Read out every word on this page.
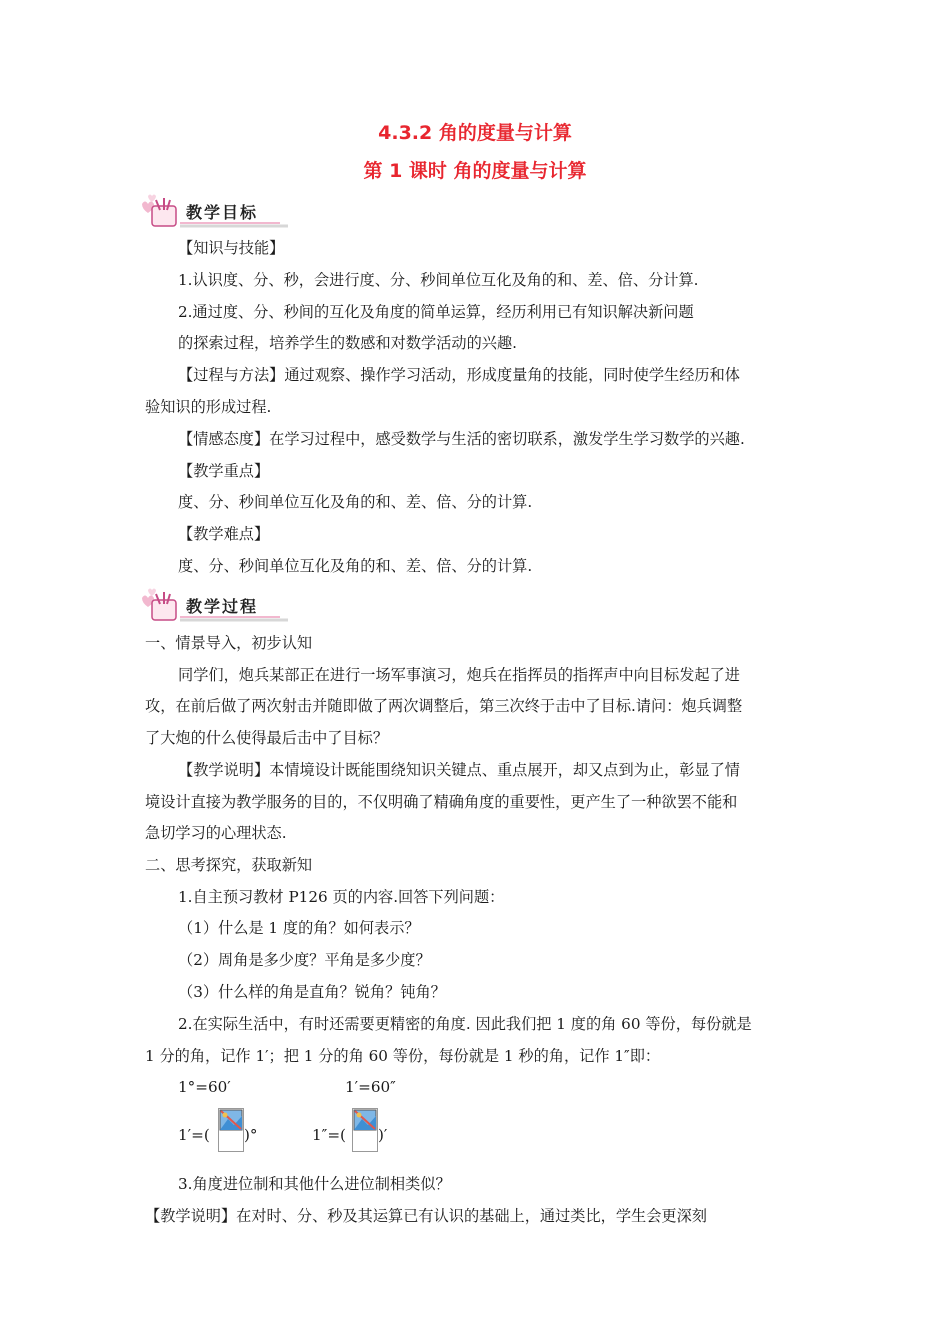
4.3.2 角的度量与计算
第 1 课时 角的度量与计算
教学目标
【知识与技能】
1.认识度、分、秒，会进行度、分、秒间单位互化及角的和、差、倍、分计算.
2.通过度、分、秒间的互化及角度的简单运算，经历利用已有知识解决新问题
的探索过程，培养学生的数感和对数学活动的兴趣.
【过程与方法】通过观察、操作学习活动，形成度量角的技能，同时使学生经历和体
验知识的形成过程.
【情感态度】在学习过程中，感受数学与生活的密切联系，激发学生学习数学的兴趣.
【教学重点】
度、分、秒间单位互化及角的和、差、倍、分的计算.
【教学难点】
度、分、秒间单位互化及角的和、差、倍、分的计算.
教学过程
一、情景导入，初步认知
同学们，炮兵某部正在进行一场军事演习，炮兵在指挥员的指挥声中向目标发起了进
攻，在前后做了两次射击并随即做了两次调整后，第三次终于击中了目标.请问：炮兵调整
了大炮的什么使得最后击中了目标？
【教学说明】本情境设计既能围绕知识关键点、重点展开，却又点到为止，彰显了情
境设计直接为教学服务的目的，不仅明确了精确角度的重要性，更产生了一种欲罢不能和
急切学习的心理状态.
二、思考探究，获取新知
1.自主预习教材 P126 页的内容.回答下列问题：
（1）什么是 1 度的角？如何表示？
（2）周角是多少度？平角是多少度？
（3）什么样的角是直角？锐角？钝角？
2.在实际生活中，有时还需要更精密的角度. 因此我们把 1 度的角 60 等份，每份就是
1 分的角，记作 1′；把 1 分的角 60 等份，每份就是 1 秒的角，记作 1″即：
1°=60′	1′=60″
1′=( )°	1″=( )′
3.角度进位制和其他什么进位制相类似？
【教学说明】在对时、分、秒及其运算已有认识的基础上，通过类比，学生会更深刻
